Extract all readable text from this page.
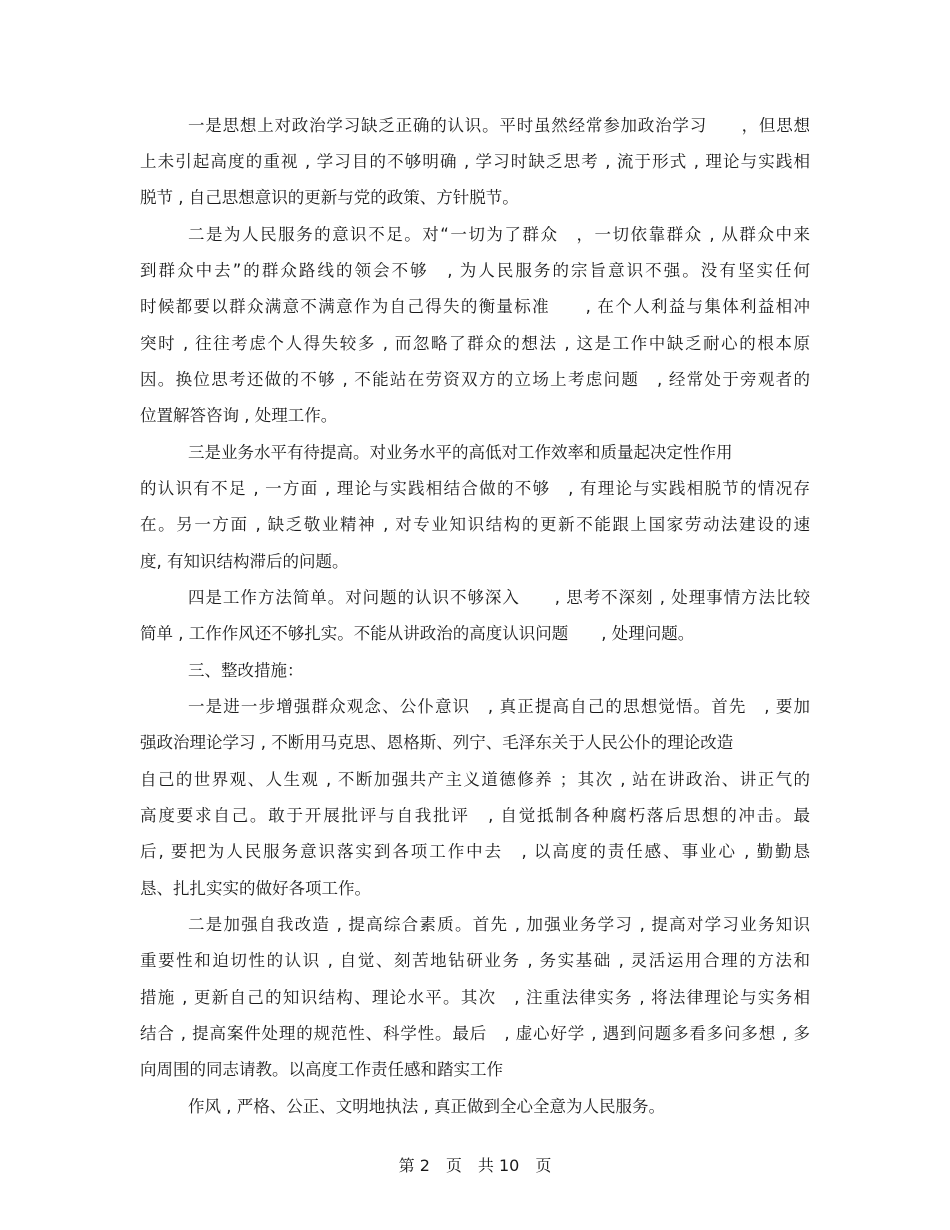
一是思想上对政治学习缺乏正确的认识。平时虽然经常参加政治学习　　，但思想
上未引起高度的重视 , 学习目的不够明确 , 学习时缺乏思考 , 流于形式 , 理论与实践相
脱节 , 自己思想意识的更新与党的政策、方针脱节。
二是为人民服务的意识不足。对“一切为了群众　，一切依靠群众 , 从群众中来
到群众中去”的群众路线的领会不够　, 为人民服务的宗旨意识不强。没有坚实任何
时候都要以群众满意不满意作为自己得失的衡量标准　　, 在个人利益与集体利益相冲
突时 , 往往考虑个人得失较多 , 而忽略了群众的想法 , 这是工作中缺乏耐心的根本原
因。换位思考还做的不够 , 不能站在劳资双方的立场上考虑问题　, 经常处于旁观者的
位置解答咨询 , 处理工作。
三是业务水平有待提高。对业务水平的高低对工作效率和质量起决定性作用
的认识有不足 , 一方面 , 理论与实践相结合做的不够　, 有理论与实践相脱节的情况存
在。另一方面 , 缺乏敬业精神 , 对专业知识结构的更新不能跟上国家劳动法建设的速
度, 有知识结构滞后的问题。
四是工作方法简单。对问题的认识不够深入　　, 思考不深刻 , 处理事情方法比较
简单 , 工作作风还不够扎实。不能从讲政治的高度认识问题　　, 处理问题。
三、整改措施：
一是进一步增强群众观念、公仆意识　, 真正提高自己的思想觉悟。首先　, 要加
强政治理论学习 , 不断用马克思、恩格斯、列宁、毛泽东关于人民公仆的理论改造
自己的世界观、人生观 , 不断加强共产主义道德修养 ；其次 , 站在讲政治、讲正气的
高度要求自己。敢于开展批评与自我批评　, 自觉抵制各种腐朽落后思想的冲击。最
后, 要把为人民服务意识落实到各项工作中去　, 以高度的责任感、事业心 , 勤勤恳
恳、扎扎实实的做好各项工作。
二是加强自我改造 , 提高综合素质。首先 , 加强业务学习 , 提高对学习业务知识
重要性和迫切性的认识 , 自觉、刻苦地钻研业务 , 务实基础 , 灵活运用合理的方法和
措施 , 更新自己的知识结构、理论水平。其次　, 注重法律实务 , 将法律理论与实务相
结合 , 提高案件处理的规范性、科学性。最后　, 虚心好学 , 遇到问题多看多问多想 , 多
向周围的同志请教。以高度工作责任感和踏实工作
作风 , 严格、公正、文明地执法 , 真正做到全心全意为人民服务。
第 2　页　共 10　页
